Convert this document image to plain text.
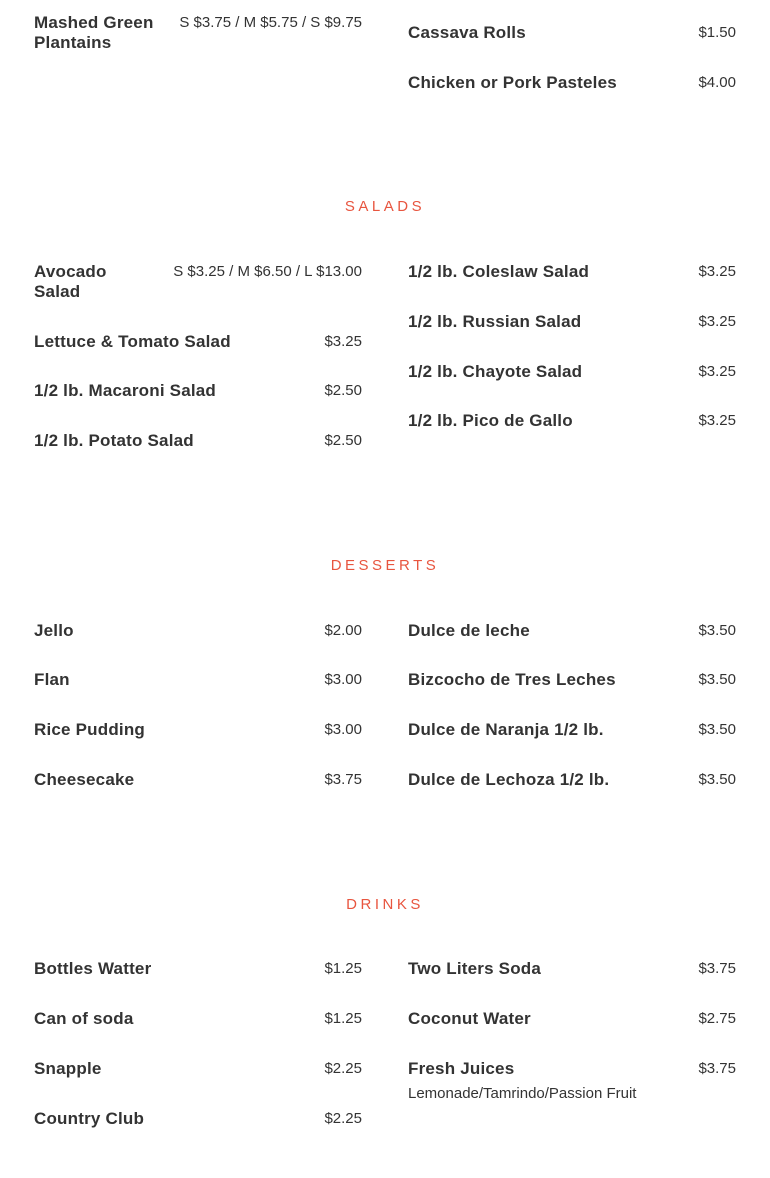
Mashed Green Plantains
S $3.75 / M $5.75 / S $9.75
Cassava Rolls	$1.50
Chicken or Pork Pasteles	$4.00
SALADS
Avocado Salad
S $3.25 / M $6.50 / L $13.00
Lettuce & Tomato Salad	$3.25
1/2 lb. Macaroni Salad	$2.50
1/2 lb. Potato Salad	$2.50
1/2 lb. Coleslaw Salad	$3.25
1/2 lb. Russian Salad	$3.25
1/2 lb. Chayote Salad	$3.25
1/2 lb. Pico de Gallo	$3.25
DESSERTS
Jello	$2.00
Flan	$3.00
Rice Pudding	$3.00
Cheesecake	$3.75
Dulce de leche	$3.50
Bizcocho de Tres Leches	$3.50
Dulce de Naranja 1/2 lb.	$3.50
Dulce de Lechoza 1/2 lb.	$3.50
DRINKS
Bottles Watter	$1.25
Can of soda	$1.25
Snapple	$2.25
Country Club	$2.25
Two Liters Soda	$3.75
Coconut Water	$2.75
Fresh Juices	$3.75
Lemonade/Tamrindo/Passion Fruit
